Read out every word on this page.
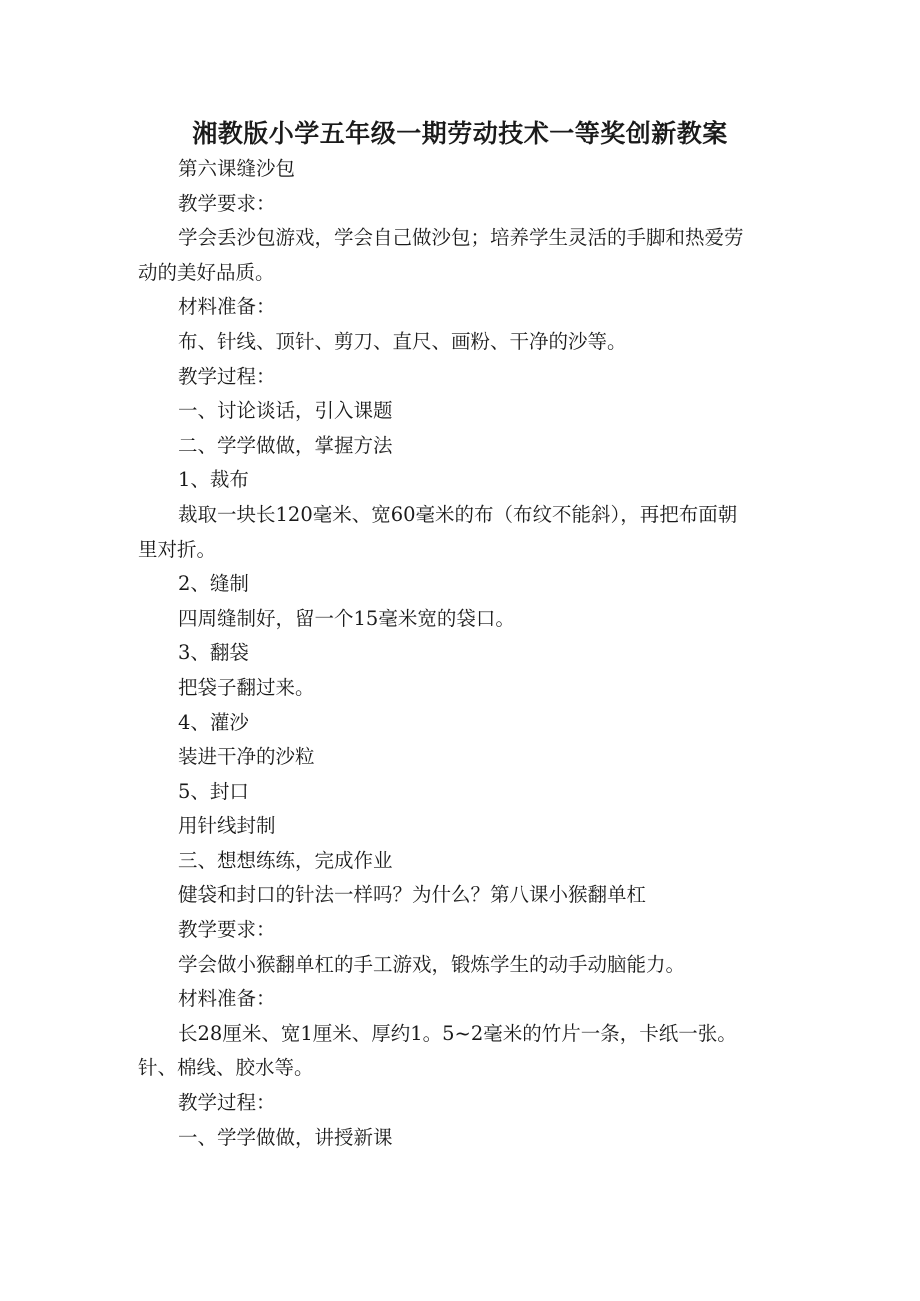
湘教版小学五年级一期劳动技术一等奖创新教案

第六课缝沙包

教学要求：

学会丢沙包游戏，学会自己做沙包；培养学生灵活的手脚和热爱劳

动的美好品质。

材料准备：

布、针线、顶针、剪刀、直尺、画粉、干净的沙等。

教学过程：

一、讨论谈话，引入课题

二、学学做做，掌握方法

1、裁布

裁取一块长120毫米、宽60毫米的布（布纹不能斜），再把布面朝

里对折。

2、缝制

四周缝制好，留一个15毫米宽的袋口。

3、翻袋

把袋子翻过来。

4、灌沙

装进干净的沙粒

5、封口

用针线封制

三、想想练练，完成作业

健袋和封口的针法一样吗？为什么？第八课小猴翻单杠

教学要求：

学会做小猴翻单杠的手工游戏，锻炼学生的动手动脑能力。

材料准备：

长28厘米、宽1厘米、厚约1。5~2毫米的竹片一条，卡纸一张。

针、棉线、胶水等。

教学过程：

一、学学做做，讲授新课
